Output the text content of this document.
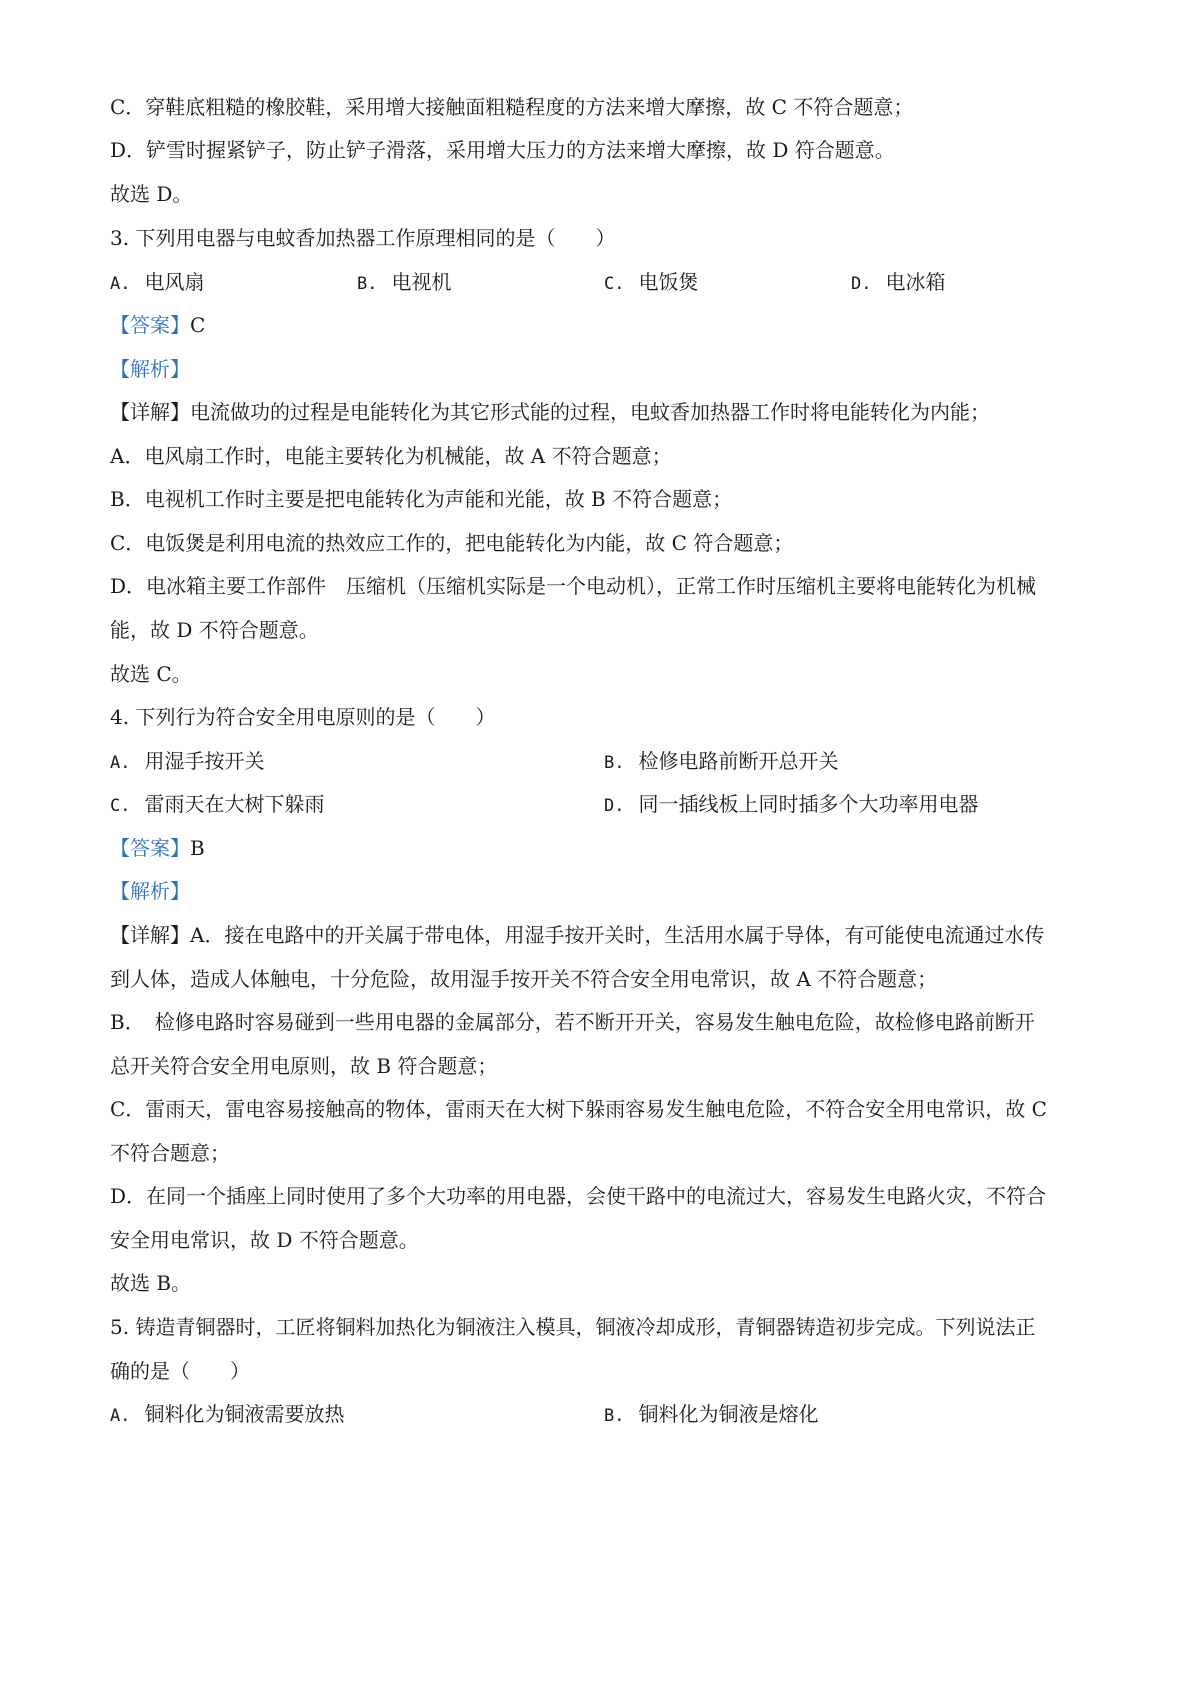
C．穿鞋底粗糙的橡胶鞋，采用增大接触面粗糙程度的方法来增大摩擦，故 C 不符合题意；
D．铲雪时握紧铲子，防止铲子滑落，采用增大压力的方法来增大摩擦，故 D 符合题意。
故选 D。
3. 下列用电器与电蚊香加热器工作原理相同的是（　　）
A. 电风扇	B. 电视机	C. 电饭煲	D. 电冰箱
【答案】C
【解析】
【详解】电流做功的过程是电能转化为其它形式能的过程，电蚊香加热器工作时将电能转化为内能；
A．电风扇工作时，电能主要转化为机械能，故 A 不符合题意；
B．电视机工作时主要是把电能转化为声能和光能，故 B 不符合题意；
C．电饭煲是利用电流的热效应工作的，把电能转化为内能，故 C 符合题意；
D．电冰箱主要工作部件　压缩机（压缩机实际是一个电动机），正常工作时压缩机主要将电能转化为机械
能，故 D 不符合题意。
故选 C。
4. 下列行为符合安全用电原则的是（　　）
A. 用湿手按开关	B. 检修电路前断开总开关
C. 雷雨天在大树下躲雨	D. 同一插线板上同时插多个大功率用电器
【答案】B
【解析】
【详解】A．接在电路中的开关属于带电体，用湿手按开关时，生活用水属于导体，有可能使电流通过水传
到人体，造成人体触电，十分危险，故用湿手按开关不符合安全用电常识，故 A 不符合题意；
B．　检修电路时容易碰到一些用电器的金属部分，若不断开开关，容易发生触电危险，故检修电路前断开
总开关符合安全用电原则，故 B 符合题意；
C．雷雨天，雷电容易接触高的物体，雷雨天在大树下躲雨容易发生触电危险，不符合安全用电常识，故 C
不符合题意；
D．在同一个插座上同时使用了多个大功率的用电器，会使干路中的电流过大，容易发生电路火灾，不符合
安全用电常识，故 D 不符合题意。
故选 B。
5. 铸造青铜器时，工匠将铜料加热化为铜液注入模具，铜液冷却成形，青铜器铸造初步完成。下列说法正
确的是（　　）
A. 铜料化为铜液需要放热	B. 铜料化为铜液是熔化
